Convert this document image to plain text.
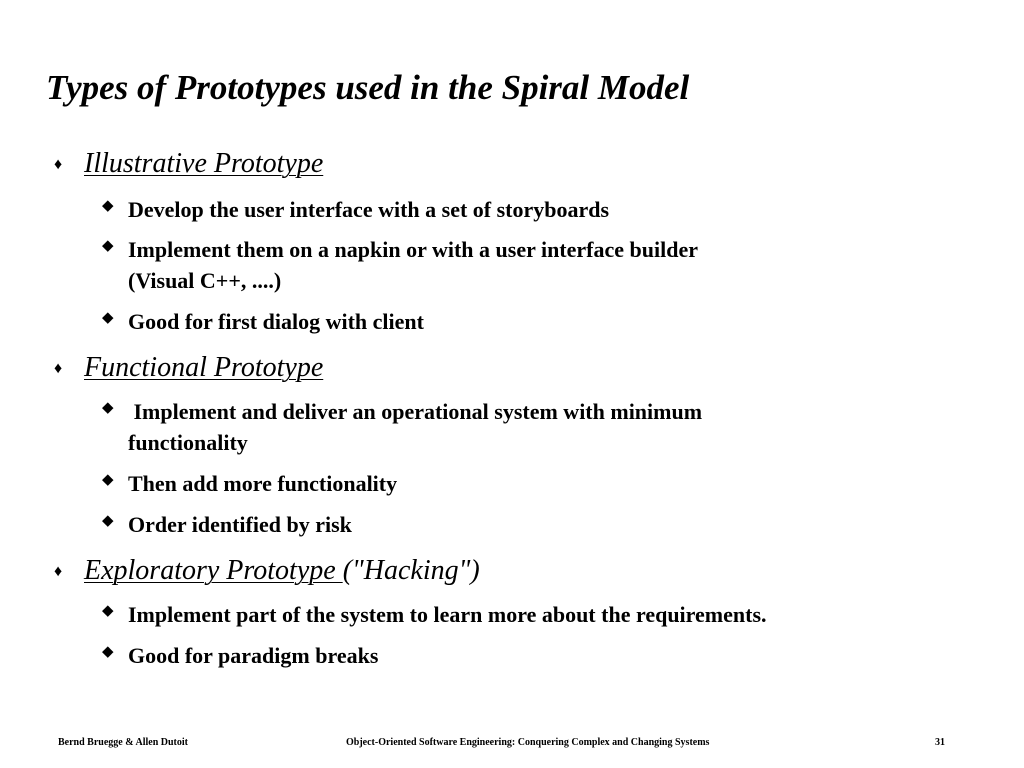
Types of Prototypes used in the Spiral Model
♦ Illustrative Prototype
◆ Develop the user interface with a set of storyboards
◆ Implement them on a napkin or with a user interface builder
(Visual C++, ....)
◆ Good for first dialog with client
♦ Functional Prototype
◆ Implement and deliver an operational system with minimum
functionality
◆ Then add more functionality
◆ Order identified by risk
♦ Exploratory Prototype ("Hacking")
◆ Implement part of the system to learn more about the requirements.
◆ Good for paradigm breaks
Bernd Bruegge & Allen Dutoit	Object-Oriented Software Engineering: Conquering Complex and Changing Systems	31
